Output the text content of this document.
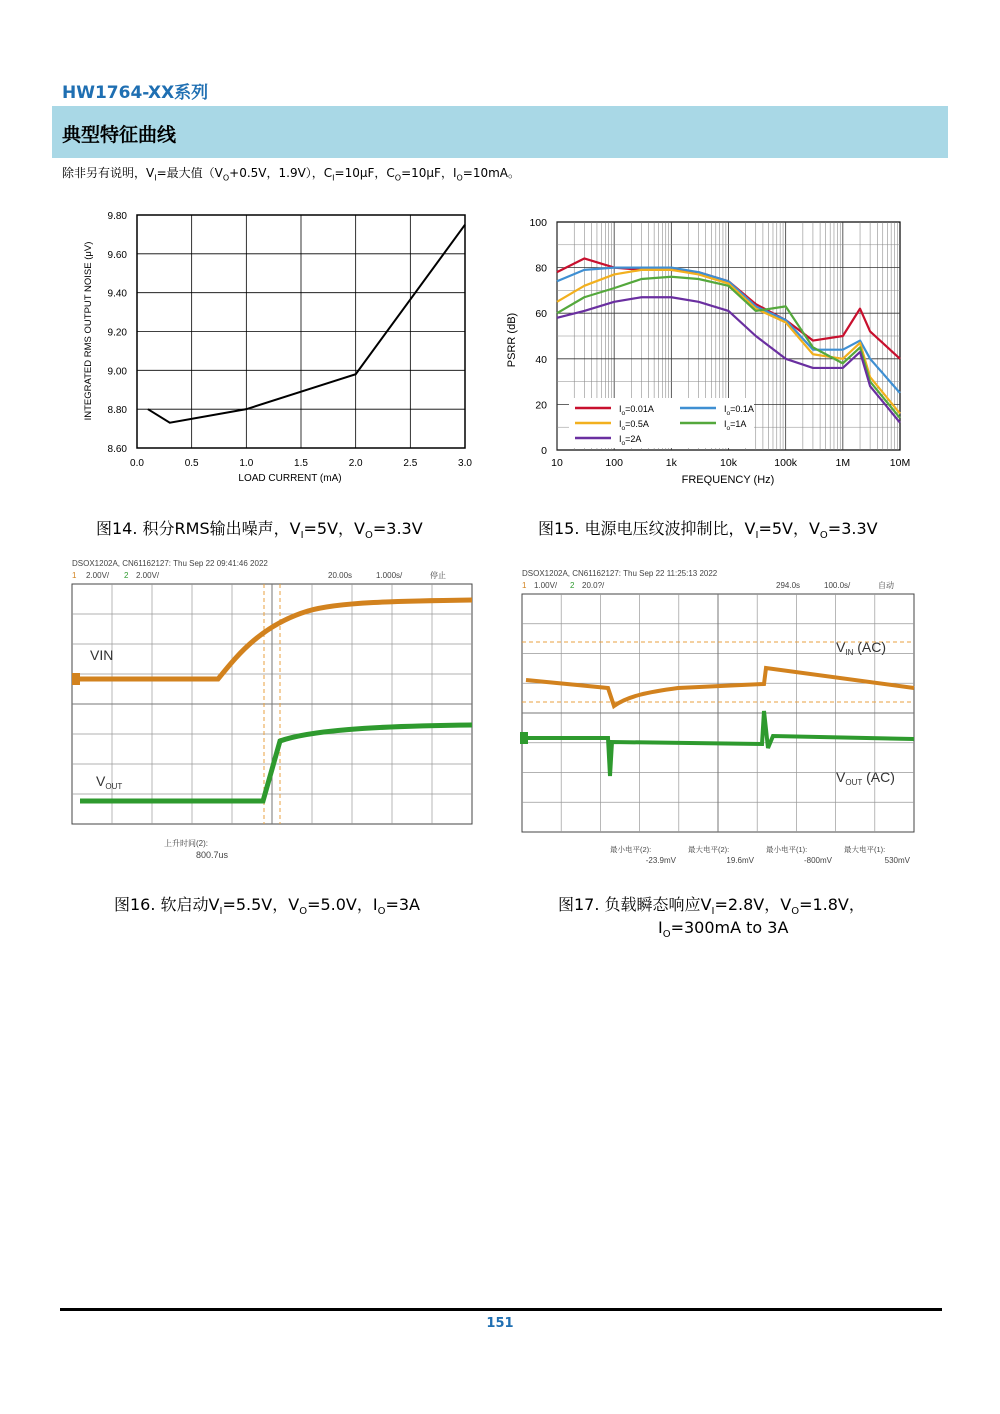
HW1764-XX系列
典型特征曲线
除非另有说明，$V_I=$最大值（$V_O+0.5V$，1.9V），$C_I=10\mu F$，$C_O=10\mu F$，$I_O=10mA$。
0.0	0.5	1.0	1.5	2.0	2.5	3.0
8.60
8.80
9.00
9.20
9.40
9.60
9.80
LOAD CURRENT (mA)
INTEGRATED RMS OUTPUT NOISE (μV)
图14. 积分RMS输出噪声，$V_I=5V$，$V_O=3.3V$
10	100	1k	10k	100k	1M	10M
0
20
40
60
80
100
$I_o=0.01A$
$I_o=0.5A$
$I_o=2A$
$I_o=0.1A$
$I_o=1A$
FREQUENCY (Hz)
PSRR (dB)
图15. 电源电压纹波抑制比，$V_I=5V$，$V_O=3.3V$
DSOX1202A, CN61162127: Thu Sep 22 09:41:46 2022
1 2.00V/ 2 2.00V/	20.00s	1.000s/	停止
VIN
$V_{OUT}$
上升时间(2):
800.7us
图16. 软启动$V_I=5.5V$，$V_O=5.0V$，$I_O=3A$
DSOX1202A, CN61162127: Thu Sep 22 11:25:13 2022
1 1.00V/ 2 20.0?/	294.0s	100.0s/	自动
$V_{IN}$ (AC)
$V_{OUT}$ (AC)
最小电平(2):
-23.9mV
最大电平(2):
19.6mV
最小电平(1):
-800mV
最大电平(1):
530mV
图17. 负载瞬态响应$V_I=2.8V$，$V_O=1.8V$，
$I_O=300mA$ to 3A
151
